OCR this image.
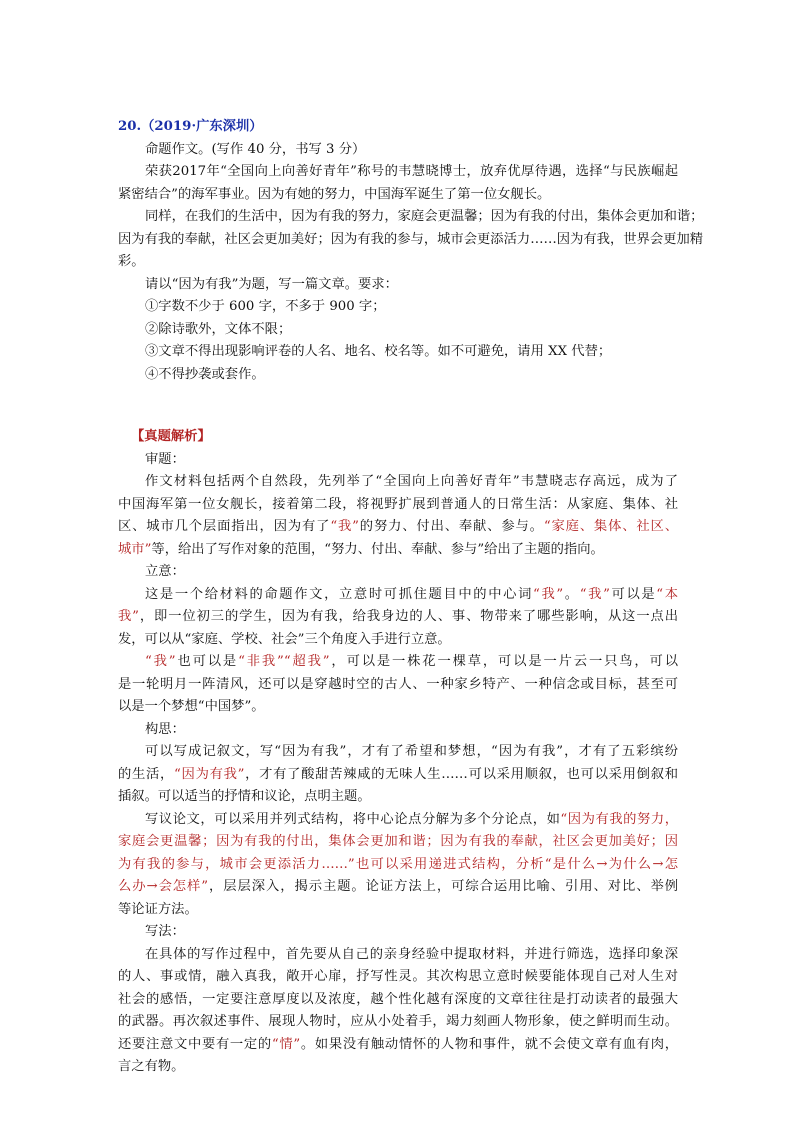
20.（2019·广东深圳）
命题作文。(写作 40 分，书写 3 分）
荣获2017年“全国向上向善好青年”称号的韦慧晓博士，放弃优厚待遇，选择“与民族崛起
紧密结合”的海军事业。因为有她的努力，中国海军诞生了第一位女舰长。
同样，在我们的生活中，因为有我的努力，家庭会更温馨；因为有我的付出，集体会更加和谐；
因为有我的奉献，社区会更加美好；因为有我的参与，城市会更添活力……因为有我，世界会更加精
彩。
请以“因为有我”为题，写一篇文章。要求：
①字数不少于 600 字，不多于 900 字；
②除诗歌外，文体不限；
③文章不得出现影响评卷的人名、地名、校名等。如不可避免，请用 XX 代替；
④不得抄袭或套作。
【真题解析】
审题：
作文材料包括两个自然段，先列举了“全国向上向善好青年”韦慧晓志存高远，成为了
中国海军第一位女舰长，接着第二段，将视野扩展到普通人的日常生活：从家庭、集体、社
区、城市几个层面指出，因为有了“我”的努力、付出、奉献、参与。“家庭、集体、社区、
城市”等，给出了写作对象的范围，“努力、付出、奉献、参与”给出了主题的指向。
立意：
这是一个给材料的命题作文，立意时可抓住题目中的中心词“我”。“我”可以是“本
我”，即一位初三的学生，因为有我，给我身边的人、事、物带来了哪些影响，从这一点出
发，可以从“家庭、学校、社会”三个角度入手进行立意。
“我”也可以是“非我”“超我”，可以是一株花一棵草，可以是一片云一只鸟，可以
是一轮明月一阵清风，还可以是穿越时空的古人、一种家乡特产、一种信念或目标，甚至可
以是一个梦想“中国梦”。
构思：
可以写成记叙文，写“因为有我”，才有了希望和梦想，“因为有我”，才有了五彩缤纷
的生活，“因为有我”，才有了酸甜苦辣咸的无味人生……可以采用顺叙，也可以采用倒叙和
插叙。可以适当的抒情和议论，点明主题。
写议论文，可以采用并列式结构，将中心论点分解为多个分论点，如“因为有我的努力，
家庭会更温馨；因为有我的付出，集体会更加和谐；因为有我的奉献，社区会更加美好；因
为有我的参与，城市会更添活力……”也可以采用递进式结构，分析“是什么→为什么→怎
么办→会怎样”，层层深入，揭示主题。论证方法上，可综合运用比喻、引用、对比、举例
等论证方法。
写法：
在具体的写作过程中，首先要从自己的亲身经验中提取材料，并进行筛选，选择印象深
的人、事或情，融入真我，敞开心扉，抒写性灵。其次构思立意时候要能体现自己对人生对
社会的感悟，一定要注意厚度以及浓度，越个性化越有深度的文章往往是打动读者的最强大
的武器。再次叙述事件、展现人物时，应从小处着手，竭力刻画人物形象，使之鲜明而生动。
还要注意文中要有一定的“情”。如果没有触动情怀的人物和事件，就不会使文章有血有肉，
言之有物。
